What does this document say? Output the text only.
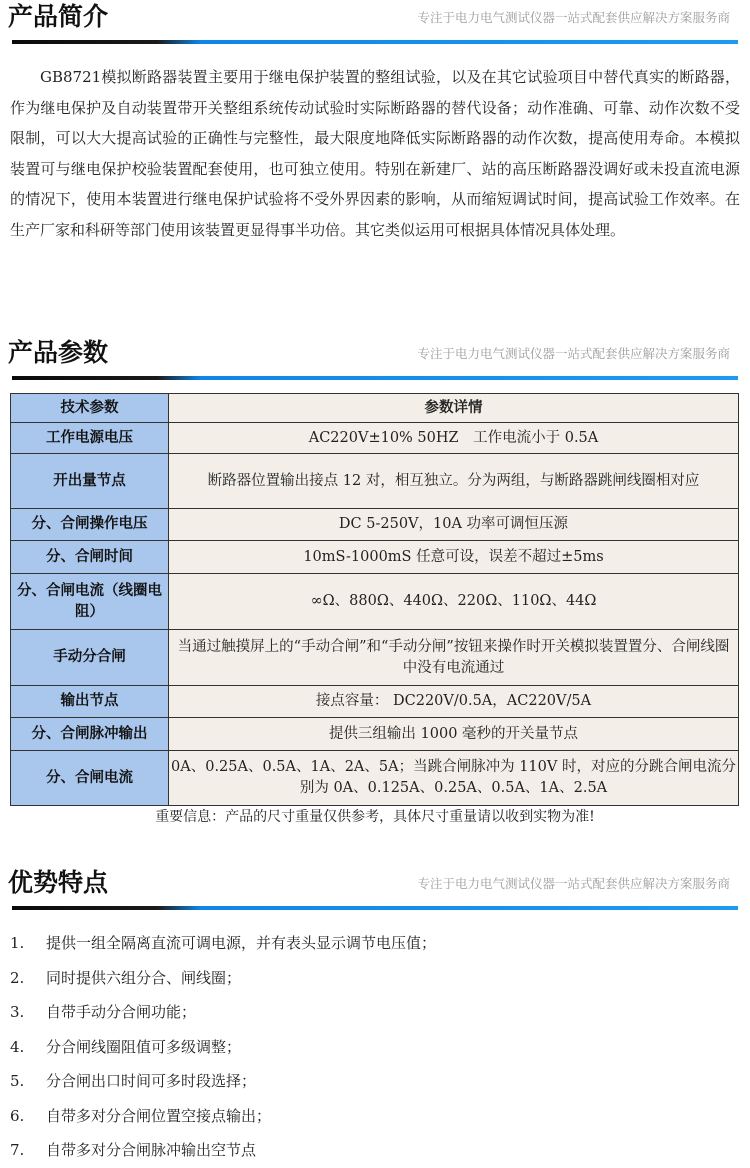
产品简介	专注于电力电气测试仪器一站式配套供应解决方案服务商

GB8721模拟断路器装置主要用于继电保护装置的整组试验，以及在其它试验项目中替代真实的断路器，作为继电保护及自动装置带开关整组系统传动试验时实际断路器的替代设备；动作准确、可靠、动作次数不受限制，可以大大提高试验的正确性与完整性，最大限度地降低实际断路器的动作次数，提高使用寿命。本模拟装置可与继电保护校验装置配套使用，也可独立使用。特别在新建厂、站的高压断路器没调好或未投直流电源的情况下，使用本装置进行继电保护试验将不受外界因素的影响，从而缩短调试时间，提高试验工作效率。在生产厂家和科研等部门使用该装置更显得事半功倍。其它类似运用可根据具体情况具体处理。

产品参数	专注于电力电气测试仪器一站式配套供应解决方案服务商
技术参数	参数详情
工作电源电压	AC220V±10% 50HZ　工作电流小于 0.5A
开出量节点	断路器位置输出接点 12 对，相互独立。分为两组，与断路器跳闸线圈相对应
分、合闸操作电压	DC 5-250V，10A 功率可调恒压源
分、合闸时间	10mS-1000mS 任意可设，误差不超过±5ms
分、合闸电流（线圈电阻）	∞Ω、880Ω、440Ω、220Ω、110Ω、44Ω
手动分合闸	当通过触摸屏上的“手动合闸”和“手动分闸”按钮来操作时开关模拟装置置分、合闸线圈中没有电流通过
输出节点	接点容量： DC220V/0.5A，AC220V/5A
分、合闸脉冲输出	提供三组输出 1000 毫秒的开关量节点
分、合闸电流	0A、0.25A、0.5A、1A、2A、5A；当跳合闸脉冲为 110V 时，对应的分跳合闸电流分别为 0A、0.125A、0.25A、0.5A、1A、2.5A
重要信息：产品的尺寸重量仅供参考，具体尺寸重量请以收到实物为准!
优势特点	专注于电力电气测试仪器一站式配套供应解决方案服务商
1. 提供一组全隔离直流可调电源，并有表头显示调节电压值；
2. 同时提供六组分合、闸线圈；
3. 自带手动分合闸功能；
4. 分合闸线圈阻值可多级调整；
5. 分合闸出口时间可多时段选择；
6. 自带多对分合闸位置空接点输出；
7. 自带多对分合闸脉冲输出空节点
